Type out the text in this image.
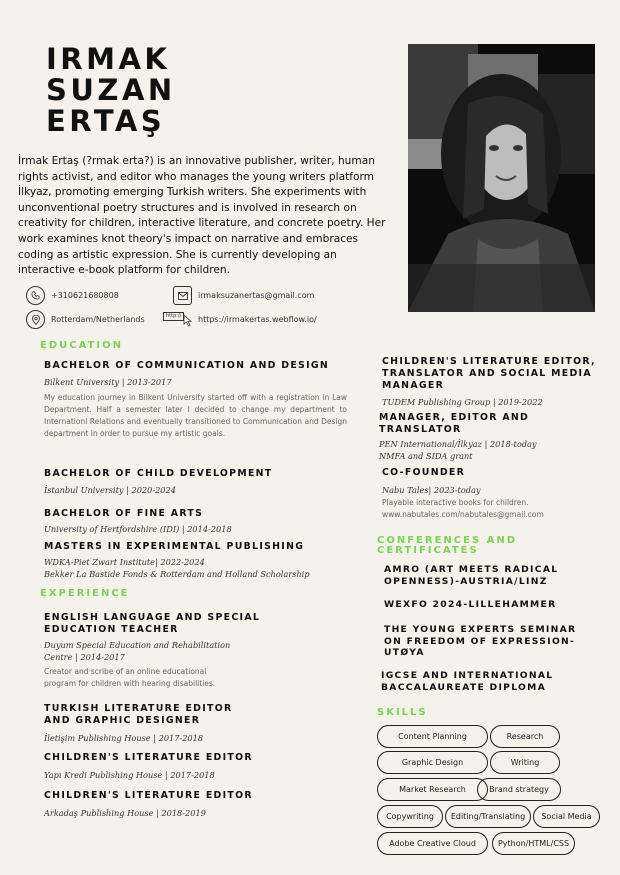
IRMAK
SUZAN
ERTAŞ
İrmak Ertaş (?rmak erta?) is an innovative publisher, writer, human rights activist, and editor who manages the young writers platform İlkyaz, promoting emerging Turkish writers. She experiments with unconventional poetry structures and is involved in research on creativity for children, interactive literature, and concrete poetry. Her work examines knot theory's impact on narrative and embraces coding as artistic expression. She is currently developing an interactive e-book platform for children.
+310621680808	irmaksuzanertas@gmail.com
Rotterdam/Netherlands	http://	https://irmakertas.webflow.io/
EDUCATION
BACHELOR OF COMMUNICATION AND DESIGN
Bilkent University | 2013-2017
My education journey in Bilkent University started off with a registration in Law Department. Half a semester later I decided to change my department to Internationl Relations and eventually transitioned to Communication and Design department in order to pursue my artistic goals.
BACHELOR OF CHILD DEVELOPMENT
İstanbul University | 2020-2024
BACHELOR OF FINE ARTS
University of Hertfordshire (IDI) | 2014-2018
MASTERS IN EXPERIMENTAL PUBLISHING
WDKA-Piet Zwart Institute| 2022-2024
Bekker La Bastide Fonds & Rotterdam and Holland Scholarship
EXPERIENCE
ENGLISH LANGUAGE AND SPECIAL
EDUCATION TEACHER
Duyum Special Education and Rehabilitation
Centre | 2014-2017
Creator and scribe of an online educational
program for children with hearing disabilities.
TURKISH LITERATURE EDITOR
AND GRAPHIC DESIGNER
İletişim Publishing House | 2017-2018
CHILDREN'S LITERATURE EDITOR
Yapı Kredi Publishing House | 2017-2018
CHILDREN'S LITERATURE EDITOR
Arkadaş Publishing House | 2018-2019
CHILDREN'S LITERATURE EDITOR,
TRANSLATOR AND SOCIAL MEDIA
MANAGER
TUDEM Publishing Group | 2019-2022
MANAGER, EDITOR AND
TRANSLATOR
PEN International/İlkyaz | 2018-today
NMFA and SIDA grant
CO-FOUNDER
Nabu Tales| 2023-today
Playable interactive books for children.
www.nabutales.com/nabutales@gmail.com
CONFERENCES AND
CERTIFICATES
AMRO (ART MEETS RADICAL
OPENNESS)-AUSTRIA/LINZ
WEXFO 2024-LILLEHAMMER
THE YOUNG EXPERTS SEMINAR
ON FREEDOM OF EXPRESSION-
UTØYA
IGCSE AND INTERNATIONAL
BACCALAUREATE DIPLOMA
SKILLS
Content Planning	Research
Graphic Design	Writing
Market Research	Brand strategy
Copywriting	Editing/Translating	Social Media
Adobe Creative Cloud	Python/HTML/CSS
